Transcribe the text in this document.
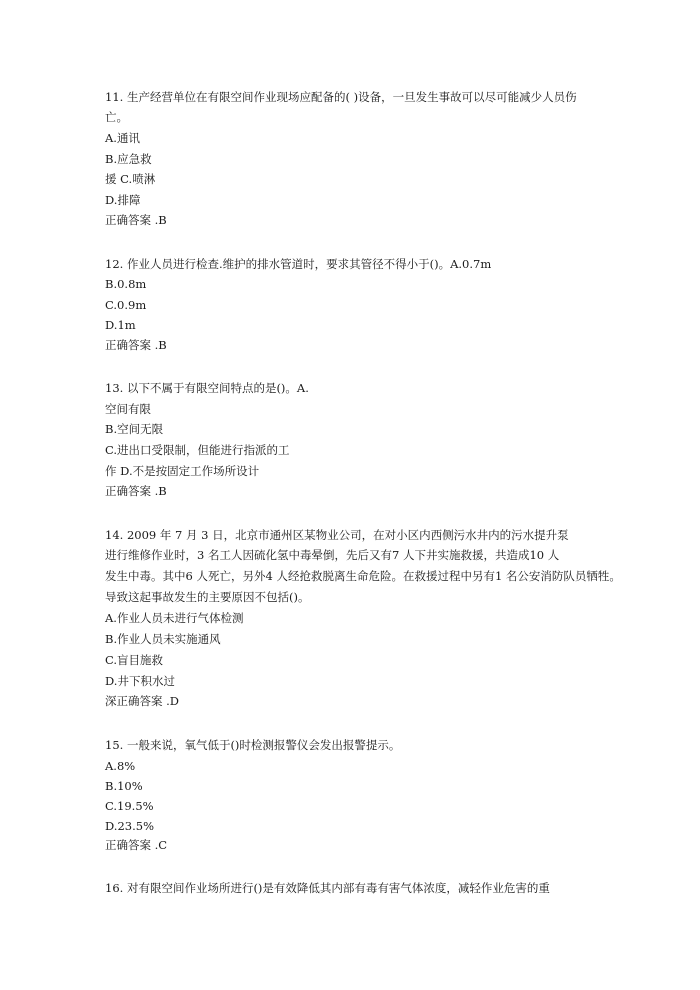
11. 生产经营单位在有限空间作业现场应配备的( )设备，一旦发生事故可以尽可能减少人员伤
亡。
A.通讯
B.应急救
援 C.喷淋
D.排障
正确答案 .B
12. 作业人员进行检查.维护的排水管道时，要求其管径不得小于()。A.0.7m
B.0.8m
C.0.9m
D.1m
正确答案 .B
13. 以下不属于有限空间特点的是()。A.
空间有限
B.空间无限
C.进出口受限制，但能进行指派的工
作 D.不是按固定工作场所设计
正确答案 .B
14. 2009 年 7 月 3 日，北京市通州区某物业公司，在对小区内西侧污水井内的污水提升泵
进行维修作业时，3 名工人因硫化氢中毒晕倒，先后又有7 人下井实施救援，共造成10 人
发生中毒。其中6 人死亡，另外4 人经抢救脱离生命危险。在救援过程中另有1 名公安消防队员牺牲。
导致这起事故发生的主要原因不包括()。
A.作业人员未进行气体检测
B.作业人员未实施通风
C.盲目施救
D.井下积水过
深正确答案 .D
15. 一般来说，氧气低于()时检测报警仪会发出报警提示。
A.8%
B.10%
C.19.5%
D.23.5%
正确答案 .C
16. 对有限空间作业场所进行()是有效降低其内部有毒有害气体浓度，减轻作业危害的重
